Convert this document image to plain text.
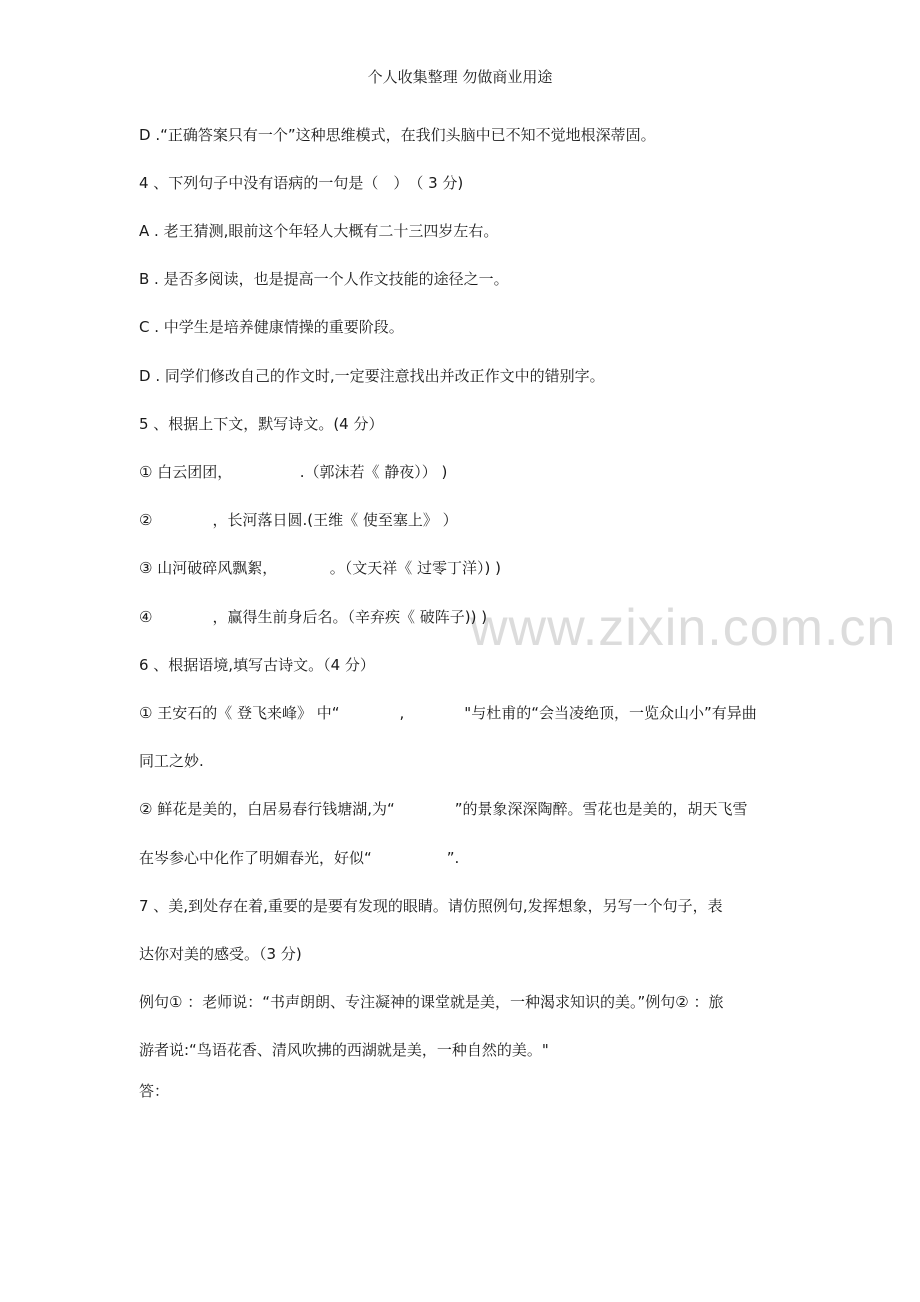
个人收集整理 勿做商业用途
www.zixin.com.cn
D .“正确答案只有一个”这种思维模式，在我们头脑中已不知不觉地根深蒂固。
4 、下列句子中没有语病的一句是（　）　（ 3 分)
A . 老王猜测,眼前这个年轻人大概有二十三四岁左右。
B . 是否多阅读，也是提高一个人作文技能的途径之一。
C . 中学生是培养健康情操的重要阶段。
D . 同学们修改自己的作文时,一定要注意找出并改正作文中的错别字。
5 、根据上下文，默写诗文。(4 分）
① 白云团团，　　　　　.（郭沫若《 静夜）） )
②　　　　，长河落日圆.(王维《 使至塞上》 ）
③ 山河破碎风飘絮，　　　　。（文天祥《 过零丁洋）) )
④　　　　，赢得生前身后名。（辛弃疾《 破阵子)) )
6 、根据语境,填写古诗文。（4 分）
① 王安石的《 登飞来峰》 中“　　　　,　　　　"与杜甫的“会当凌绝顶，一览众山小”有异曲
同工之妙.
② 鲜花是美的，白居易春行钱塘湖,为“　　　　”的景象深深陶醉。雪花也是美的，胡天飞雪
在岑参心中化作了明媚春光，好似“　　　　　”.
7 、美,到处存在着,重要的是要有发现的眼睛。请仿照例句,发挥想象，另写一个句子，表
达你对美的感受。（3 分)
例句① ：老师说：“书声朗朗、专注凝神的课堂就是美，一种渴求知识的美。”例句② ：旅
游者说:“鸟语花香、清风吹拂的西湖就是美，一种自然的美。"
答：
